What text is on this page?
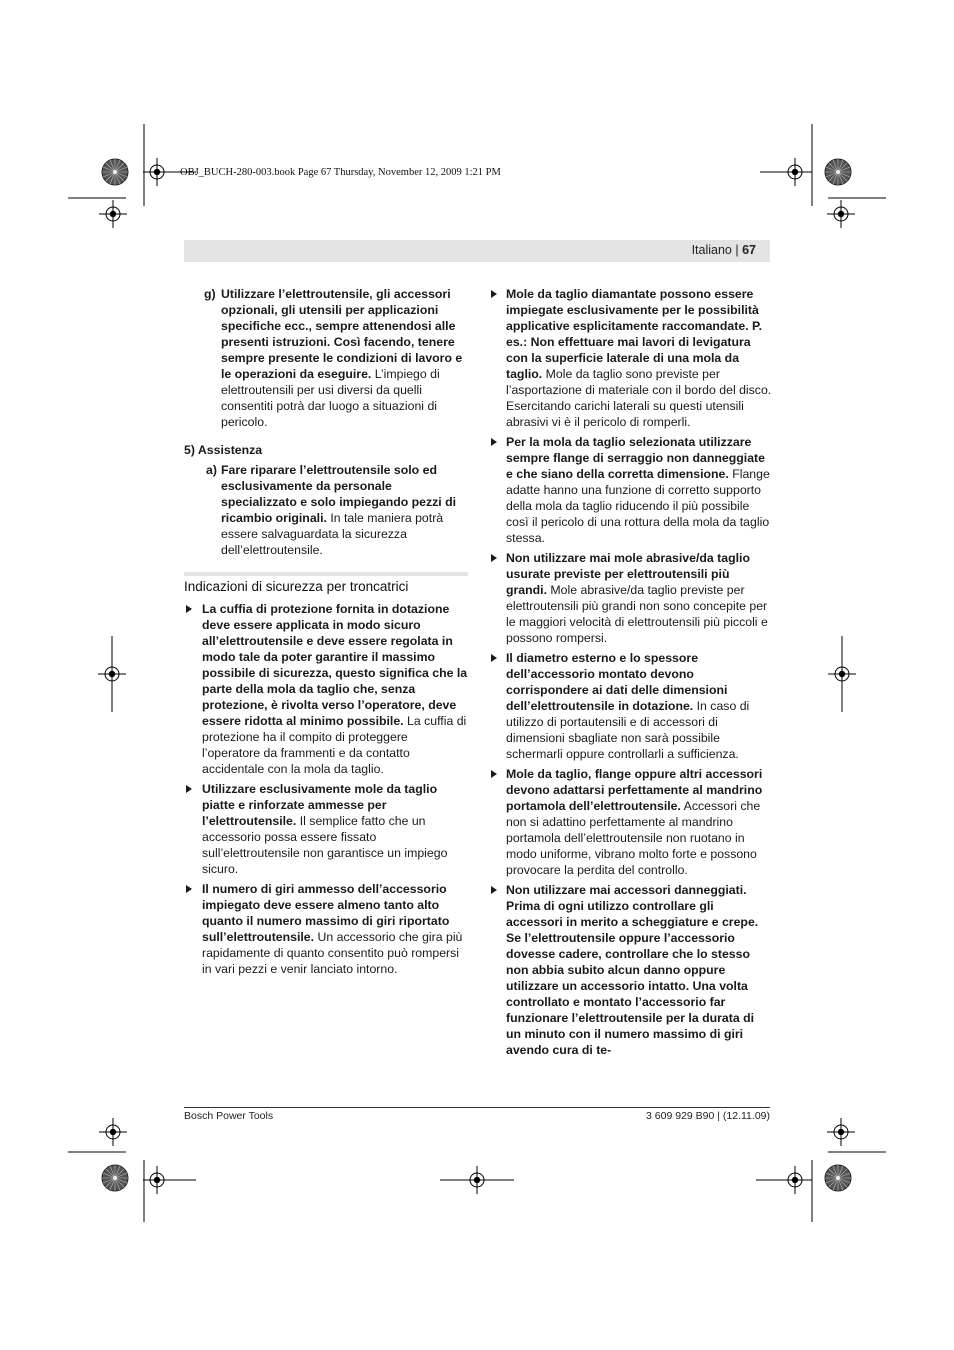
OBJ_BUCH-280-003.book Page 67 Thursday, November 12, 2009 1:21 PM
Italiano | 67
g) Utilizzare l’elettroutensile, gli accessori opzionali, gli utensili per applicazioni specifiche ecc., sempre attenendosi alle presenti istruzioni. Così facendo, tenere sempre presente le condizioni di lavoro e le operazioni da eseguire. L’impiego di elettroutensili per usi diversi da quelli consentiti potrà dar luogo a situazioni di pericolo.
5) Assistenza
a) Fare riparare l’elettroutensile solo ed esclusivamente da personale specializzato e solo impiegando pezzi di ricambio originali. In tale maniera potrà essere salvaguardata la sicurezza dell’elettroutensile.
Indicazioni di sicurezza per troncatrici
La cuffia di protezione fornita in dotazione deve essere applicata in modo sicuro all’elettroutensile e deve essere regolata in modo tale da poter garantire il massimo possibile di sicurezza, questo significa che la parte della mola da taglio che, senza protezione, è rivolta verso l’operatore, deve essere ridotta al minimo possibile. La cuffia di protezione ha il compito di proteggere l’operatore da frammenti e da contatto accidentale con la mola da taglio.
Utilizzare esclusivamente mole da taglio piatte e rinforzate ammesse per l’elettroutensile. Il semplice fatto che un accessorio possa essere fissato sull’elettroutensile non garantisce un impiego sicuro.
Il numero di giri ammesso dell’accessorio impiegato deve essere almeno tanto alto quanto il numero massimo di giri riportato sull’elettroutensile. Un accessorio che gira più rapidamente di quanto consentito può rompersi in vari pezzi e venir lanciato intorno.
Mole da taglio diamantate possono essere impiegate esclusivamente per le possibilità applicative esplicitamente raccomandate. P. es.: Non effettuare mai lavori di levigatura con la superficie laterale di una mola da taglio. Mole da taglio sono previste per l’asportazione di materiale con il bordo del disco. Esercitando carichi laterali su questi utensili abrasivi vi è il pericolo di romperli.
Per la mola da taglio selezionata utilizzare sempre flange di serraggio non danneggiate e che siano della corretta dimensione. Flange adatte hanno una funzione di corretto supporto della mola da taglio riducendo il più possibile così il pericolo di una rottura della mola da taglio stessa.
Non utilizzare mai mole abrasive/da taglio usurate previste per elettroutensili più grandi. Mole abrasive/da taglio previste per elettroutensili più grandi non sono concepite per le maggiori velocità di elettroutensili più piccoli e possono rompersi.
Il diametro esterno e lo spessore dell’accessorio montato devono corrispondere ai dati delle dimensioni dell’elettroutensile in dotazione. In caso di utilizzo di portautensili e di accessori di dimensioni sbagliate non sarà possibile schermarli oppure controllarli a sufficienza.
Mole da taglio, flange oppure altri accessori devono adattarsi perfettamente al mandrino portamola dell’elettroutensile. Accessori che non si adattino perfettamente al mandrino portamola dell’elettroutensile non ruotano in modo uniforme, vibrano molto forte e possono provocare la perdita del controllo.
Non utilizzare mai accessori danneggiati. Prima di ogni utilizzo controllare gli accessori in merito a scheggiature e crepe. Se l’elettroutensile oppure l’accessorio dovesse cadere, controllare che lo stesso non abbia subito alcun danno oppure utilizzare un accessorio intatto. Una volta controllato e montato l’accessorio far funzionare l’elettroutensile per la durata di un minuto con il numero massimo di giri avendo cura di te-
Bosch Power Tools	3 609 929 B90 | (12.11.09)
